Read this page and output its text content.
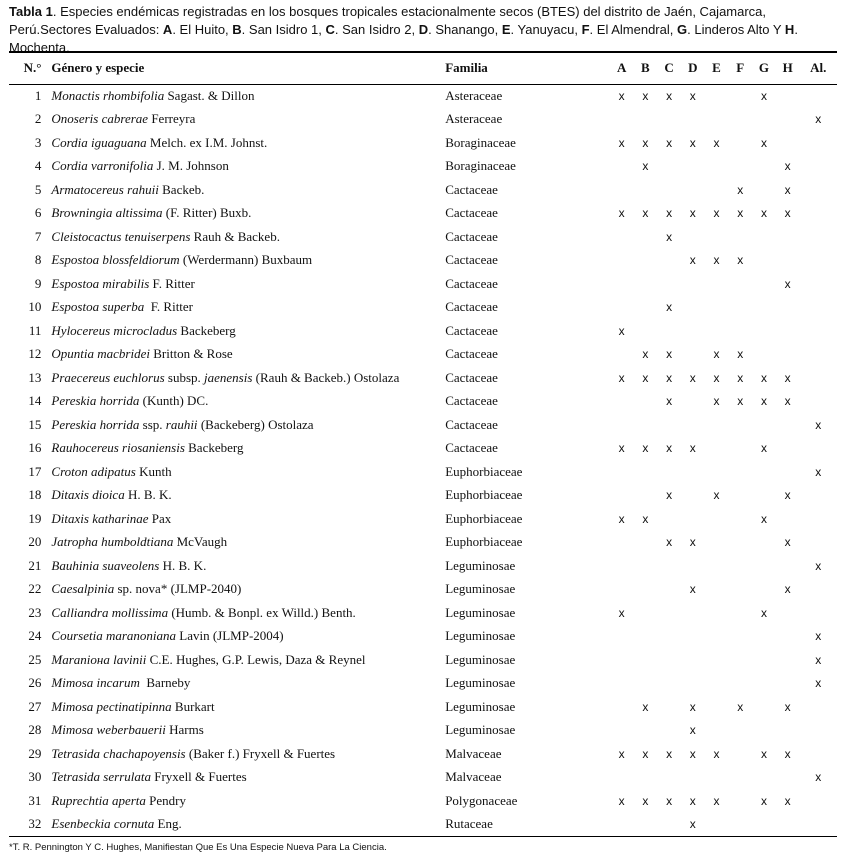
Tabla 1. Especies endémicas registradas en los bosques tropicales estacionalmente secos (BTES) del distrito de Jaén, Cajamarca, Perú.Sectores Evaluados: A. El Huito, B. San Isidro 1, C. San Isidro 2, D. Shanango, E. Yanuyacu, F. El Almendral, G. Linderos Alto Y H. Mochenta.
N.°	Género y especie	Familia	A	B	C	D	E	F	G	H	Al.
1	Monactis rhombifolia Sagast. & Dillon	Asteraceae	x	x	x	x			x		
2	Onoseris cabrerae Ferreyra	Asteraceae									x
3	Cordia iguaguana Melch. ex I.M. Johnst.	Boraginaceae	x	x	x	x	x		x		
4	Cordia varronifolia J. M. Johnson	Boraginaceae		x						x	
5	Armatocereus rahuii Backeb.	Cactaceae						x		x	
6	Browningia altissima (F. Ritter) Buxb.	Cactaceae	x	x	x	x	x	x	x	x	
7	Cleistocactus tenuiserpens Rauh & Backeb.	Cactaceae			x						
8	Espostoa blossfeldiorum (Werdermann) Buxbaum	Cactaceae				x	x	x			
9	Espostoa mirabilis F. Ritter	Cactaceae								x	
10	Espostoa superba  F. Ritter	Cactaceae			x						
11	Hylocereus microcladus Backeberg	Cactaceae	x								
12	Opuntia macbridei Britton & Rose	Cactaceae		x	x		x	x			
13	Praecereus euchlorus subsp. jaenensis (Rauh & Backeb.) Ostolaza	Cactaceae	x	x	x	x	x	x	x	x	
14	Pereskia horrida (Kunth) DC.	Cactaceae			x		x	x	x	x	
15	Pereskia horrida ssp. rauhii (Backeberg) Ostolaza	Cactaceae									x
16	Rauhocereus riosaniensis Backeberg	Cactaceae	x	x	x	x			x		
17	Croton adipatus Kunth	Euphorbiaceae									x
18	Ditaxis dioica H. B. K.	Euphorbiaceae			x		x			x	
19	Ditaxis katharinae Pax	Euphorbiaceae	x	x					x		
20	Jatropha humboldtiana McVaugh	Euphorbiaceae			x	x				x	
21	Bauhinia suaveolens H. B. K.	Leguminosae									x
22	Caesalpinia sp. nova* (JLMP-2040)	Leguminosae				x				x	
23	Calliandra mollissima (Humb. & Bonpl. ex Willd.) Benth.	Leguminosae	x						x		
24	Coursetia maranoniana Lavin (JLMP-2004)	Leguminosae									x
25	Maranioна lavinii C.E. Hughes, G.P. Lewis, Daza & Reynel	Leguminosae									x
26	Mimosa incarum  Barneby	Leguminosae									x
27	Mimosa pectinatipinna Burkart	Leguminosae		x		x		x		x	
28	Mimosa weberbauerii Harms	Leguminosae				x					
29	Tetrasida chachapoyensis (Baker f.) Fryxell & Fuertes	Malvaceae	x	x	x	x	x		x	x	
30	Tetrasida serrulata Fryxell & Fuertes	Malvaceae									x
31	Ruprechtia aperta Pendry	Polygonaceae	x	x	x	x	x		x	x	
32	Esenbeckia cornuta Eng.	Rutaceae				x					
*T. R. Pennington Y C. Hughes, Manifiestan Que Es Una Especie Nueva Para La Ciencia.
